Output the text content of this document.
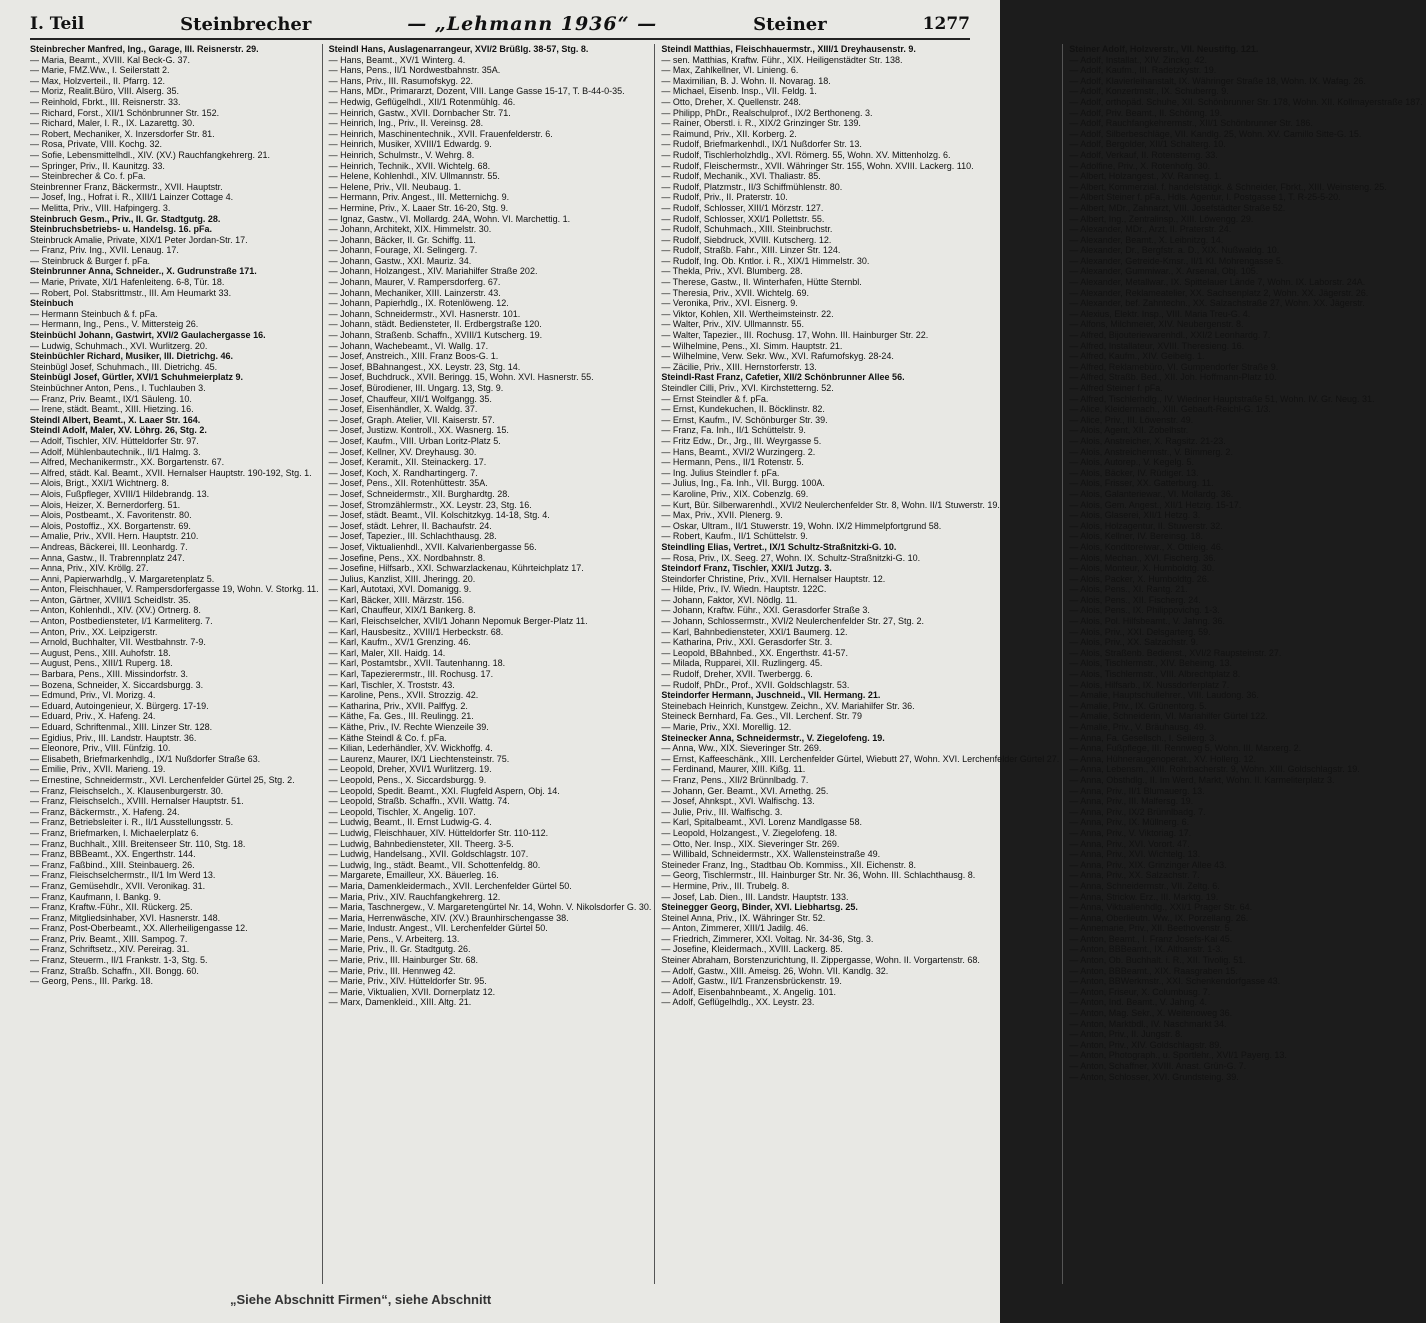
I. Teil	Steinbrecher	— „Lehmann 1936“ —	Steiner	1277
Steinbrecher Manfred, Ing., Garage, III. Reisnerstr. 29.
— Maria, Beamt., XVIII. Kal Beck-G. 37.
— Marie, FMZ.Ww., I. Seilerstatt 2.
— Max, Holzverteil., II. Pfarrg. 12.
— Moriz, Realit.Büro, VIII. Alserg. 35.
— Reinhold, Fbrkt., III. Reisnerstr. 33.
— Richard, Forst., XII/1 Schönbrunner Str. 152.
— Richard, Maler, I. R., IX. Lazarettg. 30.
— Robert, Mechaniker, X. Inzersdorfer Str. 81.
— Rosa, Private, VIII. Kochg. 32.
— Sofie, Lebensmittelhdl., XIV. (XV.) Rauchfangkehrerg. 21.
— Springer, Priv., II. Kaunitzg. 33.
— Steinbrecher & Co. f. pFa.
Steinbrenner Franz, Bäckermstr., XVII. Hauptstr.
— Josef, Ing., Hofrat i. R., XIII/1 Lainzer Cottage 4.
— Melitta, Priv., VIII. Hafpingerg. 3.
Steinbruch Gesm., Priv., II. Gr. Stadtgutg. 28.
Steinbruchsbetriebs- u. Handelsg. 16. pFa.
Steinbruck Amalie, Private, XIX/1 Peter Jordan-Str. 17.
— Franz, Priv. Ing., XVII. Lenaug. 17.
— Steinbruck & Burger f. pFa.
Steinbrunner Anna, Schneider., X. Gudrunstraße 171.
— Marie, Private, XI/1 Hafenleiteng. 6-8, Tür. 18.
— Robert, Pol. Stabsrittmstr., III. Am Heumarkt 33.
Steinbuch
— Hermann Steinbuch & f. pFa.
— Hermann, Ing., Pens., V. Mittersteig 26.
Steinbüchl Johann, Gastwirt, XVI/2 Gaulachergasse 16.
— Ludwig, Schuhmach., XVI. Wurlitzerg. 20.
Steinbüchler Richard, Musiker, III. Dietrichg. 46.
Steinbügl Josef, Schuhmach., III. Dietrichg. 45.
Steinbügl Josef, Gürtler, XVI/1 Schuhmeierplatz 9.
Steinbüchner Anton, Pens., I. Tuchlauben 3.
— Franz, Priv. Beamt., IX/1 Säuleng. 10.
— Irene, städt. Beamt., XIII. Hietzing. 16.
Steindl Albert, Beamt., X. Laaer Str. 164.
Steindl Adolf, Maler, XV. Löhrg. 26, Stg. 2.
— Adolf, Tischler, XIV. Hütteldorfer Str. 97.
— Adolf, Mühlenbautechnik., II/1 Halmg. 3.
— Alfred, Mechanikermstr., XX. Borgartenstr. 67.
— Alfred, städt. Kal. Beamt., XVII. Hernalser Hauptstr. 190-192, Stg. 1.
— Alois, Brigt., XXI/1 Wichtnerg. 8.
— Alois, Fußpfleger, XVIII/1 Hildebrandg. 13.
— Alois, Heizer, X. Bernerdorferg. 51.
— Alois, Postbeamt., X. Favoritenstr. 80.
— Alois, Postoffiz., XX. Borgartenstr. 69.
— Amalie, Priv., XVII. Hern. Hauptstr. 210.
— Andreas, Bäckerei, III. Leonhardg. 7.
— Anna, Gastw., II. Trabrennplatz 247.
— Anna, Priv., XIV. Kröllg. 27.
— Anni, Papierwarhdlg., V. Margaretenplatz 5.
— Anton, Fleischhauer, V. Rampersdorfergasse 19, Wohn. V. Storkg. 11.
— Anton, Gärtner, XVIII/1 Scheidlstr. 35.
— Anton, Kohlenhdl., XIV. (XV.) Ortnerg. 8.
— Anton, Postbediensteter, I/1 Karmeliterg. 7.
— Anton, Priv., XX. Leipzigerstr.
— Arnold, Buchhalter, VII. Westbahnstr. 7-9.
— August, Pens., XIII. Auhofstr. 18.
— August, Pens., XIII/1 Ruperg. 18.
— Barbara, Pens., XIII. Missindorfstr. 3.
— Bozena, Schneider, X. Siccardsburgg. 3.
— Edmund, Priv., VI. Morizg. 4.
— Eduard, Autoingenieur, X. Bürgerg. 17-19.
— Eduard, Priv., X. Hafeng. 24.
— Eduard, Schriftenmal., XIII. Linzer Str. 128.
— Egidius, Priv., III. Landstr. Hauptstr. 36.
— Eleonore, Priv., VIII. Fünfzig. 10.
— Elisabeth, Briefmarkenhdlg., IX/1 Nußdorfer Straße 63.
— Emilie, Priv., XVII. Marieng. 19.
— Ernestine, Schneidermstr., XVI. Lerchenfelder Gürtel 25, Stg. 2.
— Franz, Fleischselch., X. Klausenburgerstr. 30.
— Franz, Fleischselch., XVIII. Hernalser Hauptstr. 51.
— Franz, Bäckermstr., X. Hafeng. 24.
— Franz, Betriebsleiter i. R., II/1 Ausstellungsstr. 5.
— Franz, Briefmarken, I. Michaelerplatz 6.
— Franz, Buchhalt., XIII. Breitenseer Str. 110, Stg. 18.
— Franz, BBBeamt., XX. Engerthstr. 144.
— Franz, Faßbind., XIII. Steinbauerg. 26.
— Franz, Fleischselchermstr., II/1 Im Werd 13.
— Franz, Gemüsehdlr., XVII. Veronikag. 31.
— Franz, Kaufmann, I. Bankg. 9.
— Franz, Kraftw.-Führ., XII. Rückerg. 25.
— Franz, Mitgliedsinhaber, XVI. Hasnerstr. 148.
— Franz, Post-Oberbeamt., XX. Allerheiligengasse 12.
— Franz, Priv. Beamt., XIII. Sampog. 7.
— Franz, Schriftsetz., XIV. Pereirag. 31.
— Franz, Steuerm., II/1 Frankstr. 1-3, Stg. 5.
— Franz, Straßb. Schaffn., XII. Bongg. 60.
— Georg, Pens., III. Parkg. 18.
Steindl Hans, Auslagenarrangeur, XVI/2 Brüßlg. 38-57, Stg. 8.
— Hans, Beamt., XV/1 Winterg. 4.
— Hans, Pens., II/1 Nordwestbahnstr. 35A.
— Hans, Priv., III. Rasumofskyg. 22.
— Hans, MDr., Primararzt, Dozent, VIII. Lange Gasse 15-17, T. B-44-0-35.
— Hedwig, Geflügelhdl., XII/1 Rotenmühlg. 46.
— Heinrich, Gastw., XVII. Dornbacher Str. 71.
— Heinrich, Ing., Priv., II. Vereinsg. 28.
— Heinrich, Maschinentechnik., XVII. Frauenfelderstr. 6.
— Heinrich, Musiker, XVIII/1 Edwardg. 9.
— Heinrich, Schulmstr., V. Wehrg. 8.
— Heinrich, Technik., XVII. Wichtelg. 68.
— Helene, Kohlenhdl., XIV. Ullmannstr. 55.
— Helene, Priv., VII. Neubaug. 1.
— Hermann, Priv. Angest., III. Metternichg. 9.
— Hermine, Priv., X. Laaer Str. 16-20, Stg. 9.
— Ignaz, Gastw., VI. Mollardg. 24A, Wohn. VI. Marchettig. 1.
— Johann, Architekt, XIX. Himmelstr. 30.
— Johann, Bäcker, II. Gr. Schiffg. 11.
— Johann, Fourage, XI. Selingerg. 7.
— Johann, Gastw., XXI. Mauriz. 34.
— Johann, Holzangest., XIV. Mariahilfer Straße 202.
— Johann, Maurer, V. Rampersdorferg. 67.
— Johann, Mechaniker, XIII. Lainzerstr. 43.
— Johann, Papierhdlg., IX. Rotenlöweng. 12.
— Johann, Schneidermstr., XVI. Hasnerstr. 101.
— Johann, städt. Bediensteter, II. Erdbergstraße 120.
— Johann, Straßenb. Schaffn., XVIII/1 Kutscherg. 19.
— Johann, Wachebeamt., VI. Wallg. 17.
— Josef, Anstreich., XIII. Franz Boos-G. 1.
— Josef, BBahnangest., XX. Leystr. 23, Stg. 14.
— Josef, Buchdruck., XVII. Beringg. 15, Wohn. XVI. Hasnerstr. 55.
— Josef, Bürodiener, III. Ungarg. 13, Stg. 9.
— Josef, Chauffeur, XII/1 Wolfgangg. 35.
— Josef, Eisenhändler, X. Waldg. 37.
— Josef, Graph. Atelier, VII. Kaiserstr. 57.
— Josef, Justizw. Kontroll., XX. Wasnerg. 15.
— Josef, Kaufm., VIII. Urban Loritz-Platz 5.
— Josef, Kellner, XV. Dreyhausg. 30.
— Josef, Keramit., XII. Steinackerg. 17.
— Josef, Koch, X. Randhartingerg. 7.
— Josef, Pens., XII. Rotenhüttestr. 35A.
— Josef, Schneidermstr., XII. Burghardtg. 28.
— Josef, Stromzählermstr., XX. Leystr. 23, Stg. 16.
— Josef, städt. Beamt., VII. Kolschitzkyg. 14-18, Stg. 4.
— Josef, städt. Lehrer, II. Bachaufstr. 24.
— Josef, Tapezier., III. Schlachthausg. 28.
— Josef, Viktualienhdl., XVII. Kalvarienbergasse 56.
— Josefine, Pens., XX. Nordbahnstr. 8.
— Josefine, Hilfsarb., XXI. Schwarzlackenau, Kührteichplatz 17.
— Julius, Kanzlist, XIII. Jheringg. 20.
— Karl, Autotaxi, XVI. Domanigg. 9.
— Karl, Bäcker, XIII. Märzstr. 156.
— Karl, Chauffeur, XIX/1 Bankerg. 8.
— Karl, Fleischselcher, XVII/1 Johann Nepomuk Berger-Platz 11.
— Karl, Hausbesitz., XVIII/1 Herbeckstr. 68.
— Karl, Kaufm., XV/1 Grenzing. 46.
— Karl, Maler, XII. Haidg. 14.
— Karl, Postamtsbr., XVII. Tautenhanng. 18.
— Karl, Tapezierermstr., III. Rochusg. 17.
— Karl, Tischler, X. Troststr. 43.
— Karoline, Pens., XVII. Strozzig. 42.
— Katharina, Priv., XVII. Palffyg. 2.
— Käthe, Fa. Ges., III. Reulingg. 21.
— Käthe, Priv., IV. Rechte Wienzeile 39.
— Käthe Steindl & Co. f. pFa.
— Kilian, Lederhändler, XV. Wickhoffg. 4.
— Laurenz, Maurer, IX/1 Liechtensteinstr. 75.
— Leopold, Dreher, XVI/1 Wurlitzerg. 19.
— Leopold, Pens., X. Siccardsburgg. 9.
— Leopold, Spedit. Beamt., XXI. Flugfeld Aspern, Obj. 14.
— Leopold, Straßb. Schaffn., XVII. Wattg. 74.
— Leopold, Tischler, X. Angelig. 107.
— Ludwig, Beamt., II. Ernst Ludwig-G. 4.
— Ludwig, Fleischhauer, XIV. Hütteldorfer Str. 110-112.
— Ludwig, Bahnbediensteter, XII. Theerg. 3-5.
— Ludwig, Handelsang., XVII. Goldschlagstr. 107.
— Ludwig, Ing., städt. Beamt., VII. Schottenfeldg. 80.
— Margarete, Emailleur, XX. Bäuerleg. 16.
— Maria, Damenkleidermach., XVII. Lerchenfelder Gürtel 50.
— Maria, Priv., XIV. Rauchfangkehrerg. 12.
— Maria, Taschnergew., V. Margaretengürtel Nr. 14, Wohn. V. Nikolsdorfer G. 30.
— Maria, Herrenwäsche, XIV. (XV.) Braunhirschengasse 38.
— Marie, Industr. Angest., VII. Lerchenfelder Gürtel 50.
— Marie, Pens., V. Arbeiterg. 13.
— Marie, Priv., II. Gr. Stadtgutg. 26.
— Marie, Priv., III. Hainburger Str. 68.
— Marie, Priv., III. Hennweg 42.
— Marie, Priv., XIV. Hütteldorfer Str. 95.
— Marie, Viktualien, XVII. Dornerplatz 12.
— Marx, Damenkleid., XIII. Altg. 21.
Steindl Matthias, Fleischhauermstr., XIII/1 Dreyhausenstr. 9.
— sen. Matthias, Kraftw. Führ., XIX. Heiligenstädter Str. 138.
— Max, Zahlkellner, VI. Linieng. 6.
— Maximilian, B. J. Wohn. II. Novarag. 18.
— Michael, Eisenb. Insp., VII. Feldg. 1.
— Otto, Dreher, X. Quellenstr. 248.
— Philipp, PhDr., Realschulprof., IX/2 Berthoneng. 3.
— Rainer, Oberstl. i. R., XIX/2 Grinzinger Str. 139.
— Raimund, Priv., XII. Korberg. 2.
— Rudolf, Briefmarkenhdl., IX/1 Nußdorfer Str. 13.
— Rudolf, Tischlerholzhdlg., XVI. Römerg. 55, Wohn. XV. Mittenholzg. 6.
— Rudolf, Fleischermstr., XVII. Währinger Str. 155, Wohn. XVIII. Lackerg. 110.
— Rudolf, Mechanik., XVI. Thaliastr. 85.
— Rudolf, Platzmstr., II/3 Schiffmühlenstr. 80.
— Rudolf, Priv., II. Praterstr. 10.
— Rudolf, Schlosser, XIII/1 Mörzstr. 127.
— Rudolf, Schlosser, XXI/1 Pollettstr. 55.
— Rudolf, Schuhmach., XIII. Steinbruchstr.
— Rudolf, Siebdruck, XVIII. Kutscherg. 12.
— Rudolf, Straßb. Fahr., XIII. Linzer Str. 124.
— Rudolf, Ing. Ob. Kntlor. i. R., XIX/1 Himmelstr. 30.
— Thekla, Priv., XVI. Blumberg. 28.
— Therese, Gastw., II. Winterhafen, Hütte Sternbl.
— Theresia, Priv., XVII. Wichtelg. 69.
— Veronika, Priv., XVI. Eisnerg. 9.
— Viktor, Kohlen, XII. Wertheimsteinstr. 22.
— Walter, Priv., XIV. Ullmannstr. 55.
— Walter, Tapezier., III. Rochusg. 17, Wohn. III. Hainburger Str. 22.
— Wilhelmine, Pens., XI. Simm. Hauptstr. 21.
— Wilhelmine, Verw. Sekr. Ww., XVI. Rafumofskyg. 28-24.
— Zäcilie, Priv., XIII. Hernstorferstr. 13.
Steindl-Rast Franz, Cafetier, XII/2 Schönbrunner Allee 56.
Steindler Cilli, Priv., XVI. Kirchstetterng. 52.
— Ernst Steindler & f. pFa.
— Ernst, Kundekuchen, II. Böcklinstr. 82.
— Ernst, Kaufm., IV. Schönburger Str. 39.
— Franz, Fa. Inh., II/1 Schüttelstr. 9.
— Fritz Edw., Dr., Jrg., III. Weyrgasse 5.
— Hans, Beamt., XVI/2 Wurzingerg. 2.
— Hermann, Pens., II/1 Rotenstr. 5.
— Ing. Julius Steindler f. pFa.
— Julius, Ing., Fa. Inh., VII. Burgg. 100A.
— Karoline, Priv., XIX. Cobenzlg. 69.
— Kurt, Bür. Silberwarenhdl., XVI/2 Neulerchenfelder Str. 8, Wohn. II/1 Stuwerstr. 19.
— Max, Priv., XVII. Plenerg. 9.
— Oskar, Ultram., II/1 Stuwerstr. 19, Wohn. IX/2 Himmelpfortgrund 58.
— Robert, Kaufm., II/1 Schüttelstr. 9.
Steindling Elias, Vertret., IX/1 Schultz-Straßnitzki-G. 10.
— Rosa, Priv., IX. Seeg. 27, Wohn. IX. Schultz-Straßnitzki-G. 10.
Steindorf Franz, Tischler, XXI/1 Jutzg. 3.
Steindorfer Christine, Priv., XVII. Hernalser Hauptstr. 12.
— Hilde, Priv., IV. Wiedn. Hauptstr. 122C.
— Johann, Faktor, XVI. Nödlg. 11.
— Johann, Kraftw. Führ., XXI. Gerasdorfer Straße 3.
— Johann, Schlossermstr., XVI/2 Neulerchenfelder Str. 27, Stg. 2.
— Karl, Bahnbediensteter, XXI/1 Baumerg. 12.
— Katharina, Priv., XXI. Gerasdorfer Str. 3.
— Leopold, BBahnbed., XX. Engerthstr. 41-57.
— Milada, Rupparei, XII. Ruzlingerg. 45.
— Rudolf, Dreher, XVII. Twerbergg. 6.
— Rudolf, PhDr., Prof., XVII. Goldschlagstr. 53.
Steindorfer Hermann, Juschneid., VII. Hermang. 21.
Steinebach Heinrich, Kunstgew. Zeichn., XV. Mariahilfer Str. 36.
Steineck Bernhard, Fa. Ges., VII. Lerchenf. Str. 79
— Marie, Priv., XXI. Morellig. 12.
Steinecker Anna, Schneidermstr., V. Ziegelofeng. 19.
— Anna, Ww., XIX. Sieveringer Str. 269.
— Ernst, Kaffeeschänk., XIII. Lerchenfelder Gürtel, Wiebutt 27, Wohn. XVI. Lerchenfelder Gürtel 27.
— Ferdinand, Maurer, XIII. Kißg. 11.
— Franz, Pens., XII/2 Brünnlbadg. 7.
— Johann, Ger. Beamt., XVI. Arnethg. 25.
— Josef, Ahnkspt., XVI. Walfischg. 13.
— Julie, Priv., III. Walfischg. 3.
— Karl, Spitalbeamt., XVI. Lorenz Mandlgasse 58.
— Leopold, Holzangest., V. Ziegelofeng. 18.
— Otto, Ner. Insp., XIX. Sieveringer Str. 269.
— Willibald, Schneidermstr., XX. Wallensteinstraße 49.
Steineder Franz, Ing., Stadtbau Ob. Kommiss., XII. Eichenstr. 8.
— Georg, Tischlermstr., III. Hainburger Str. Nr. 36, Wohn. III. Schlachthausg. 8.
— Hermine, Priv., III. Trubelg. 8.
— Josef, Lab. Dien., III. Landstr. Hauptstr. 133.
Steinegger Georg, Binder, XVI. Liebhartsg. 25.
Steinel Anna, Priv., IX. Währinger Str. 52.
— Anton, Zimmerer, XIII/1 Jadilg. 46.
— Friedrich, Zimmerer, XXI. Voltag. Nr. 34-36, Stg. 3.
— Josefine, Kleidermach., XVIII. Lackerg. 85.
Steiner Abraham, Borstenzurichtung, II. Zippergasse, Wohn. II. Vorgartenstr. 68.
— Adolf, Gastw., XIII. Ameisg. 26, Wohn. VII. Kandlg. 32.
— Adolf, Gastw., II/1 Franzensbrückenstr. 19.
— Adolf, Eisenbahnbeamt., X. Angelig. 101.
— Adolf, Geflügelhdlg., XX. Leystr. 23.
Steiner Adolf, Holzverstr., VII. Neustiftg. 121.
— Adolf, Installat., XIV. Zinckg. 42.
— Adolf, Kaufm., III. Radetzkystr. 19.
— Adolf, Klavierleihanstalt, IX. Währinger Straße 18, Wohn. IX. Wafag. 26.
— Adolf, Konzertmstr., IX. Schuberrg. 9.
— Adolf, orthopäd. Schuhe, XII. Schönbrunner Str. 178, Wohn. XII. Kollmayerstraße 187.
— Adolf, Priv. Beamt., II. Schönng. 19.
— Adolf, Rauchfangkehrermstr., XII/1 Schönbrunner Str. 186.
— Adolf, Silberbeschläge, VII. Kandlg. 25, Wohn. XV. Camillo Sitte-G. 15.
— Adolf, Bergolder, XII/1 Schalterg. 10.
— Adolf, Verkauf, II. Rotensterng. 33.
— Adolfine, Priv., X. Rotenhofg. 30.
— Albert, Holzangest., XV. Ranneg. 1.
— Albert, Kommerzial. f. handelstätigk. & Schneider, Fbrkt., XIII. Weinsteng. 25.
— Albert Steiner f. pFa., Hdls. Agentur, I. Postgasse 1, T. R-25-5-20.
— Albert, MDr., Zahnarzt, VIII. Josefstädter Straße 52.
— Albert, Ing., Zentralinsp., XIII. Löwengg. 29.
— Alexander, MDr., Arzt, II. Praterstr. 24.
— Alexander, Beamt., X. Leibnitzg. 14.
— Alexander, Dr., Bergfstr. a. D., XIX. Nußwaldg. 10.
— Alexander, Getreide-Kmsr., II/1 Kl. Mohrengasse 5.
— Alexander, Gummiwar., X. Arsenal, Obj. 105.
— Alexander, Metallwar., IX. Spittelauer Lände 7, Wohn. IX. Laborstr. 24A.
— Alexander, Reklameatelier, XX. Sachsenplatz 2, Wohn. XX. Jägerstr. 26.
— Alexander, bef. Zahntechn., XX. Salzachstraße 27, Wohn. XX. Jägerstr.
— Alexius, Elektr. Insp., VIII. Maria Treu-G. 4.
— Alfons, Milchmeier, XIV. Neubergenstr. 8.
— Alfred, Bijouteriewarenhdl., XXI/2 Leonhardg. 7.
— Alfred, Installateur, XVIII. Theresieng. 16.
— Alfred, Kaufm., XIV. Geibelg. 1.
— Alfred, Reklamebüro, VI. Gumpendorfer Straße 9.
— Alfred, Straßb. Bed., XII. Joh. Hoffmann-Platz 10.
— Alfred Steiner f. pFa.
— Alfred, Tischlerhdlg., IV. Wiedner Hauptstraße 51, Wohn. IV. Gr. Neug. 31.
— Alice, Kleidermach., XIII. Gebauft-Reichl-G. 1/3.
— Alice, Priv., III. Löwenstr. 49.
— Alois, Agent, XII. Zobelhstr.
— Alois, Anstreicher, X. Ragsitz. 21-23.
— Alois, Anstreichermstr., V. Bimmerg. 2.
— Alois, Autorep., V. Kegelg. 5.
— Alois, Bäcker, IV. Rüdiger. 13.
— Alois, Frisser, XX. Gatterburg. 11.
— Alois, Galanteriewar., VI. Mollardg. 36.
— Alois, Gem. Angest., XII/1 Hetzig. 15-17.
— Alois, Glaserei, XII/1 Hetzg. 3.
— Alois, Holzagentur, II. Stuwerstr. 32.
— Alois, Kellner, IV. Bereinsg. 18.
— Alois, Konditoreiwar., X. Ottileig. 46.
— Alois, Mechan., XVI. Fischerg. 36.
— Alois, Monteur, X. Humboldtg. 30.
— Alois, Packer, X. Humboldtg. 26.
— Alois, Pens., XI. Rantg. 21.
— Alois, Pens., XII. Fischerg. 24.
— Alois, Pens., IX. Philippovichg. 1-3.
— Alois, Pol. Hilfsbeamt., V. Jahng. 36.
— Alois, Priv., XXI. Delsgarterg. 59.
— Alois, Priv., XX. Salzachstr. 9.
— Alois, Straßenb. Bedienst., XVI/2 Raupsteinstr. 27.
— Alois, Tischlermstr., XIV. Beheimg. 13.
— Alois, Tischlermstr., VIII. Albrechtplatz 8.
— Alois, Hilfsarb., IX. Nussdorferplatz 7.
— Amalie, Hauptschullehrer., VIII. Laudong. 36.
— Amalie, Priv., IX. Grünentorg. 5.
— Amalie, Schneiderin, VI. Mariahilfer Gürtel 122.
— Amalie, Priv., V. Bräuhausg. 49.
— Anna, Fa. Gesellsch., I. Seilerg. 3.
— Anna, Fußpflege, III. Rennweg 5, Wohn. III. Marxerg. 2.
— Anna, Hühneraugenoperat., XV. Hollerg. 12.
— Anna, Lebensm., XIII. Rohrbacherstr. 9, Wohn. XIII. Goldschlagstr. 19.
— Anna, Obsthdlg., II. Im Werd, Markt, Wohn. II. Karmeliterplatz 3.
— Anna, Priv., II/1 Blumauerg. 13.
— Anna, Priv., III. Malfersg. 19.
— Anna, Priv., IX/2 Brünnlbadg. 7.
— Anna, Priv., IX. Müllnerg. 6.
— Anna, Priv., V. Viktoriag. 17.
— Anna, Priv., XVI. Vorort. 47.
— Anna, Priv., XVI. Wichtelg. 13.
— Anna, Priv., XIX. Grinzinger Allee 43.
— Anna, Priv., XX. Salzachstr. 7.
— Anna, Schneidermstr., VII. Zeltg. 6.
— Anna, Strickw. Erz., III. Marktg. 19.
— Anna, Viktualienhdlg., XXI/1 Prager Str. 64.
— Anna, Oberlieutn. Ww., IX. Porzellang. 26.
— Annemarie, Priv., XII. Beethovenstr. 5.
— Anton, Beamt., I. Franz Josefs-Kai 45.
— Anton, BBBeamt., IX. Althanstr. 1-3.
— Anton, Ob. Buchhalt. i. R., XII. Tivolig. 51.
— Anton, BBBeamt., XIX. Raasgraben 15.
— Anton, BBWerkmstr., XXI. Schenkendorfgasse 43.
— Anton, Friseur, X. Columbusg. 7.
— Anton, Ind. Beamt., V. Jahng. 4.
— Anton, Mag. Sekr., X. Weitenoweg 36.
— Anton, Marktbdl., IV. Naschmarkt 34.
— Anton, Priv., II. Jungstr. 8.
— Anton, Priv., XIV. Goldschlagstr. 89.
— Anton, Photograph., u. Sportlehr., XVI/1 Payerg. 13.
— Anton, Schaffner, XVIII. Anast. Grün-G. 7.
— Anton, Schlosser, XVI. Grundsteing. 39.
„Siehe Abschnitt Firmen“, siehe Abschnitt
